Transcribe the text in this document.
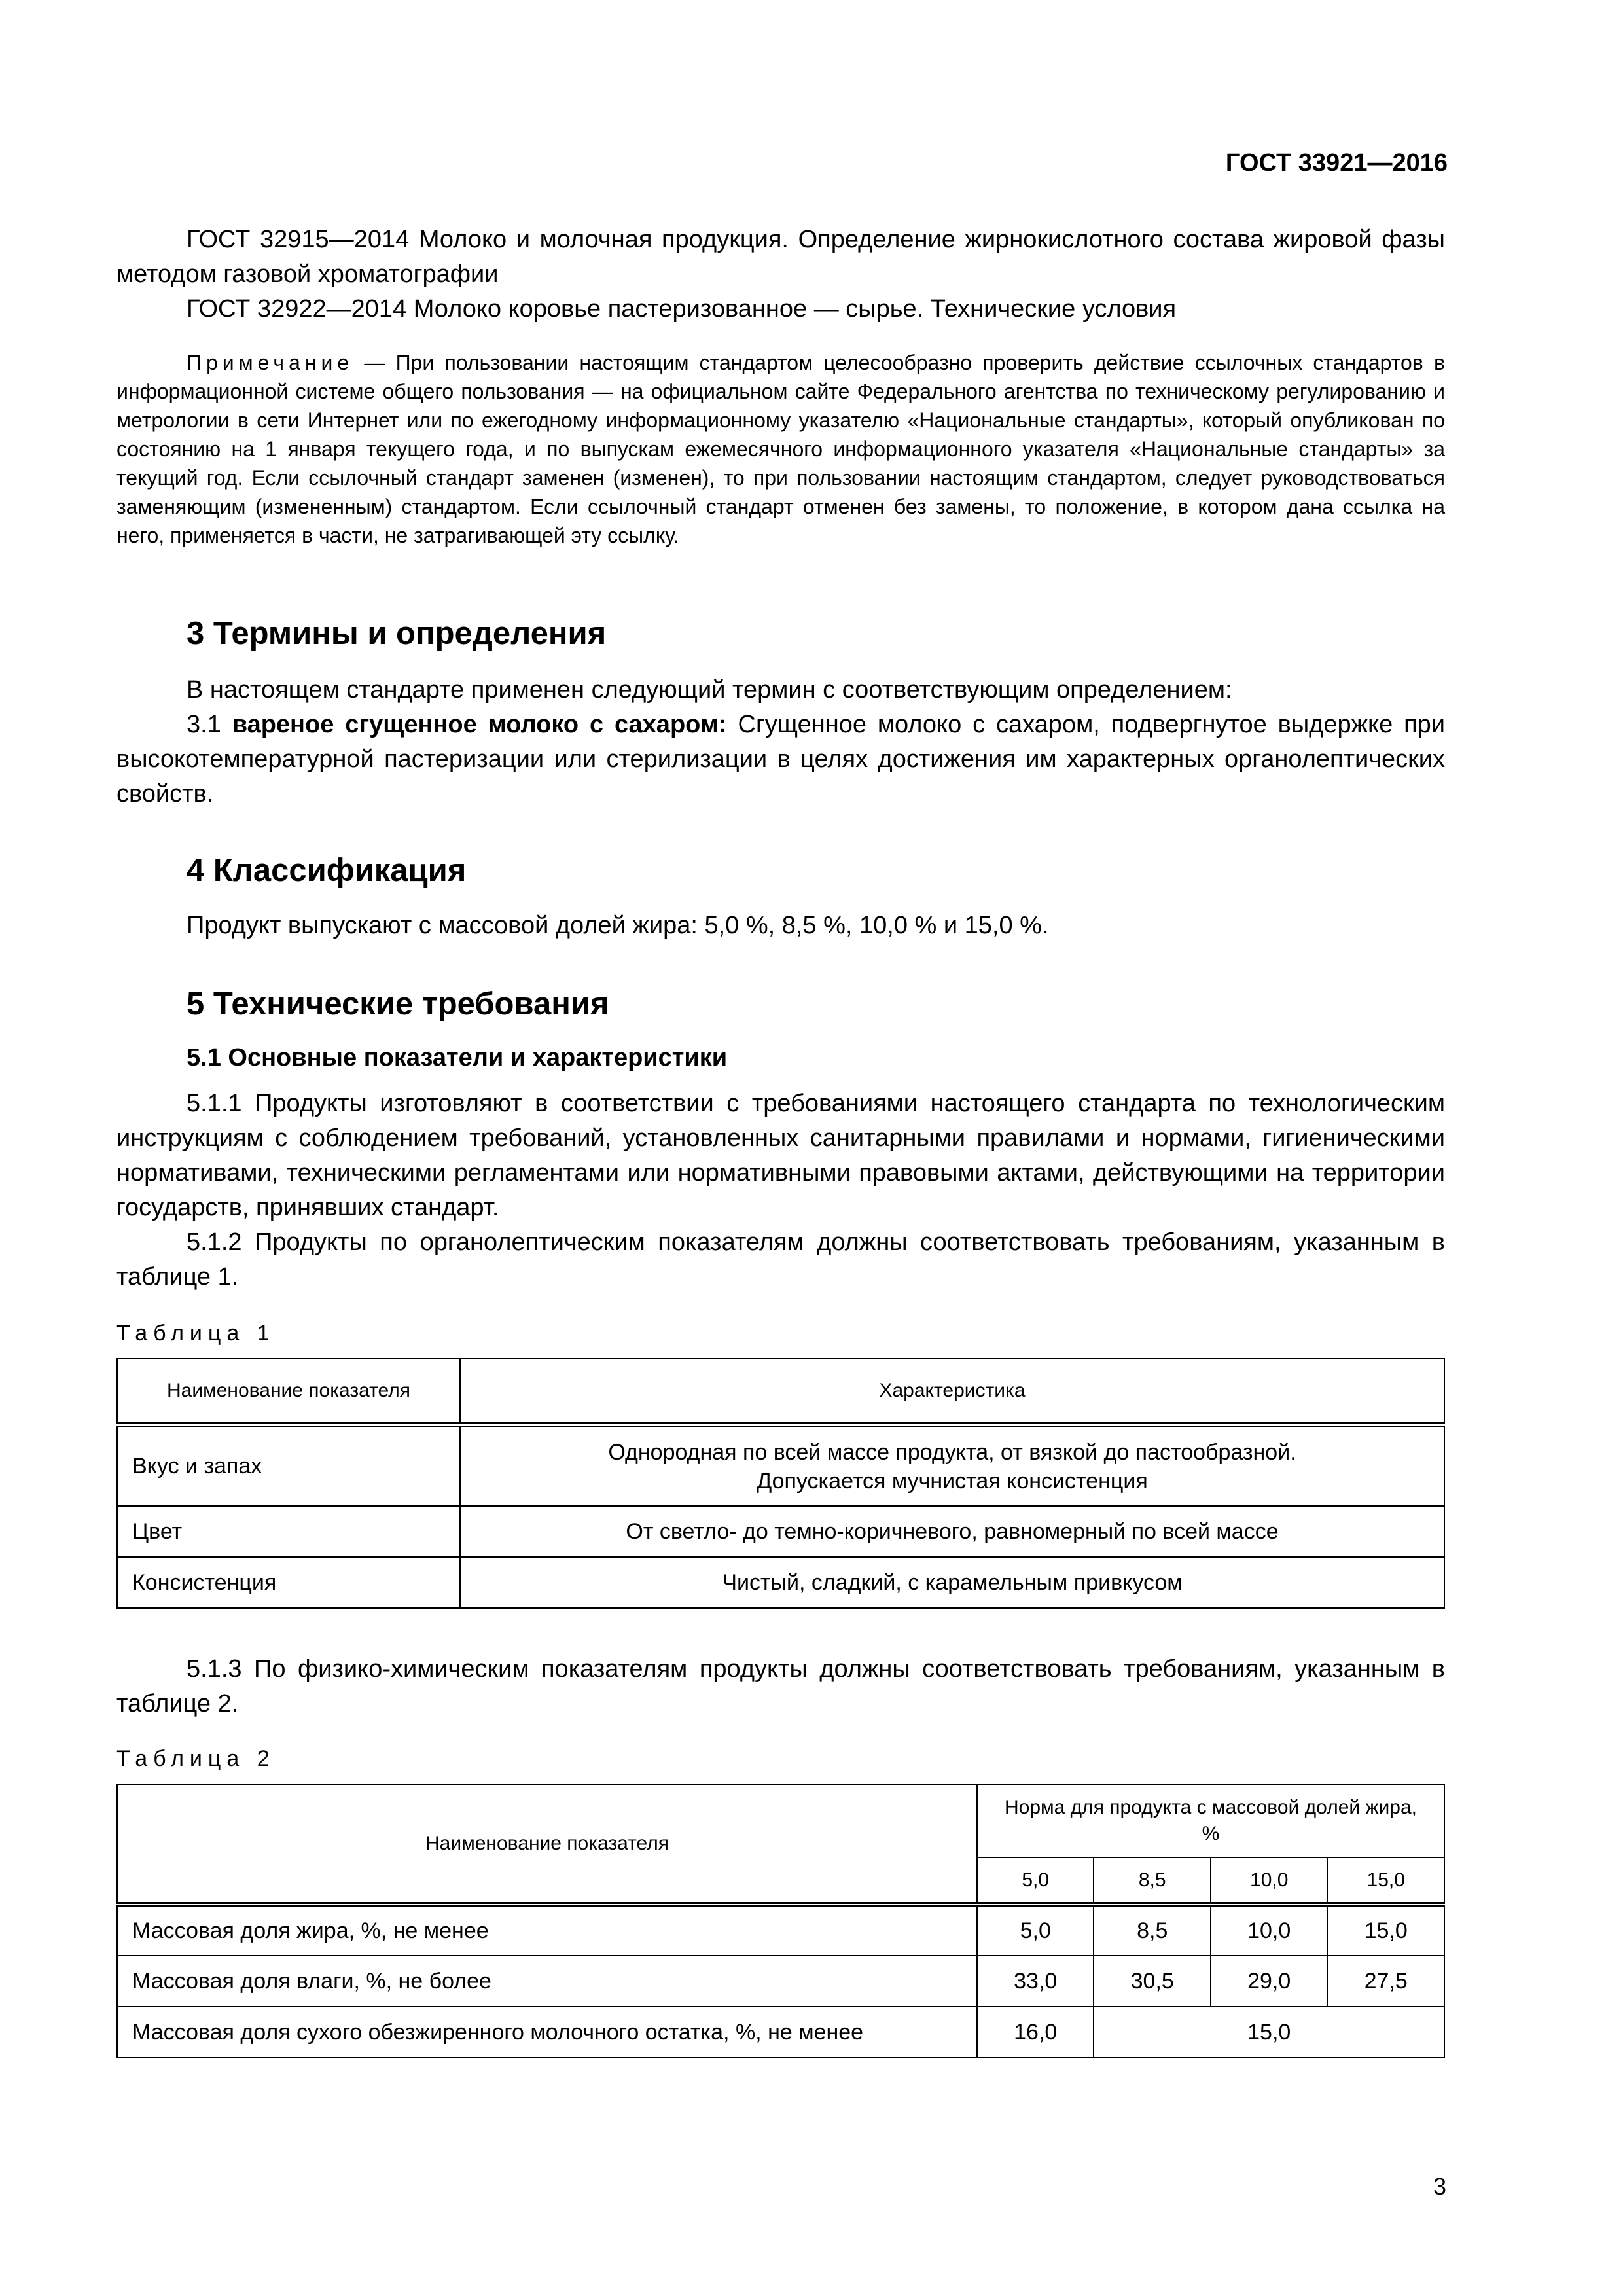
ГОСТ 33921—2016

ГОСТ 32915—2014 Молоко и молочная продукция. Определение жирнокислотного состава жировой фазы методом газовой хроматографии

ГОСТ 32922—2014 Молоко коровье пастеризованное — сырье. Технические условия

Примечание — При пользовании настоящим стандартом целесообразно проверить действие ссылочных стандартов в информационной системе общего пользования — на официальном сайте Федерального агентства по техническому регулированию и метрологии в сети Интернет или по ежегодному информационному указателю «Национальные стандарты», который опубликован по состоянию на 1 января текущего года, и по выпускам ежемесячного информационного указателя «Национальные стандарты» за текущий год. Если ссылочный стандарт заменен (изменен), то при пользовании настоящим стандартом, следует руководствоваться заменяющим (измененным) стандартом. Если ссылочный стандарт отменен без замены, то положение, в котором дана ссылка на него, применяется в части, не затрагивающей эту ссылку.

3 Термины и определения

В настоящем стандарте применен следующий термин с соответствующим определением:

3.1 вареное сгущенное молоко с сахаром: Сгущенное молоко с сахаром, подвергнутое выдержке при высокотемпературной пастеризации или стерилизации в целях достижения им характерных органолептических свойств.

4 Классификация

Продукт выпускают с массовой долей жира: 5,0 %, 8,5 %, 10,0 % и 15,0 %.

5 Технические требования
5.1 Основные показатели и характеристики

5.1.1 Продукты изготовляют в соответствии с требованиями настоящего стандарта по технологическим инструкциям с соблюдением требований, установленных санитарными правилами и нормами, гигиеническими нормативами, техническими регламентами или нормативными правовыми актами, действующими на территории государств, принявших стандарт.

5.1.2 Продукты по органолептическим показателям должны соответствовать требованиям, указанным в таблице 1.

Таблица 1

Наименование показателя	Характеристика
Вкус и запах	Однородная по всей массе продукта, от вязкой до пастообразной.
Допускается мучнистая консистенция

Цвет	От светло- до темно-коричневого, равномерный по всей массе
Консистенция	Чистый, сладкий, с карамельным привкусом

5.1.3 По физико-химическим показателям продукты должны соответствовать требованиям, указанным в таблице 2.

Таблица 2

Наименование показателя	Норма для продукта с массовой долей жира, %			
	5,0	8,5	10,0	15,0
Массовая доля жира, %, не менее	5,0	8,5	10,0	15,0
Массовая доля влаги, %, не более	33,0	30,5	29,0	27,5
Массовая доля сухого обезжиренного молочного остатка, %, не менее	16,0	15,0		
3
